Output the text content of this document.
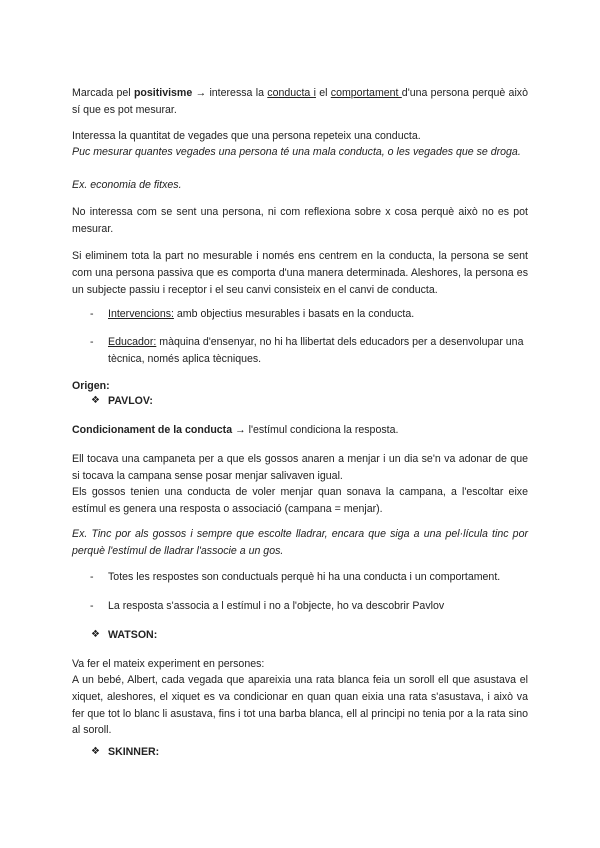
Marcada pel positivisme → interessa la conducta i el comportament d'una persona perquè això sí que es pot mesurar.

Interessa la quantitat de vegades que una persona repeteix una conducta.

Puc mesurar quantes vegades una persona té una mala conducta, o les vegades que se droga.

Ex. economia de fitxes.

No interessa com se sent una persona, ni com reflexiona sobre x cosa perquè això no es pot mesurar.

Si eliminem tota la part no mesurable i només ens centrem en la conducta, la persona se sent com una persona passiva que es comporta d'una manera determinada. Aleshores, la persona es un subjecte passiu i receptor i el seu canvi consisteix en el canvi de conducta.

-	Intervencions: amb objectius mesurables i basats en la conducta.

-	Educador: màquina d'ensenyar, no hi ha llibertat dels educadors per a desenvolupar una tècnica, només aplica tècniques.

Origen:

❖ PAVLOV:

Condicionament de la conducta → l'estímul condiciona la resposta.

Ell tocava una campaneta per a que els gossos anaren a menjar i un dia se'n va adonar de que si tocava la campana sense posar menjar salivaven igual.

Els gossos tenien una conducta de voler menjar quan sonava la campana, a l'escoltar eixe estímul es genera una resposta o associació (campana = menjar).

Ex. Tinc por als gossos i sempre que escolte lladrar, encara que siga a una pel·lícula tinc por perquè l'estímul de lladrar l'associe a un gos.

-	Totes les respostes son conductuals perquè hi ha una conducta i un comportament.

-	La resposta s'associa a l estímul i no a l'objecte, ho va descobrir Pavlov

❖ WATSON:

Va fer el mateix experiment en persones:

A un bebé, Albert, cada vegada que apareixia una rata blanca feia un soroll ell que asustava el xiquet, aleshores, el xiquet es va condicionar en quan quan eixia una rata s'asustava, i això va fer que tot lo blanc li asustava, fins i tot una barba blanca, ell al principi no tenia por a la rata sino al soroll.

❖ SKINNER:
